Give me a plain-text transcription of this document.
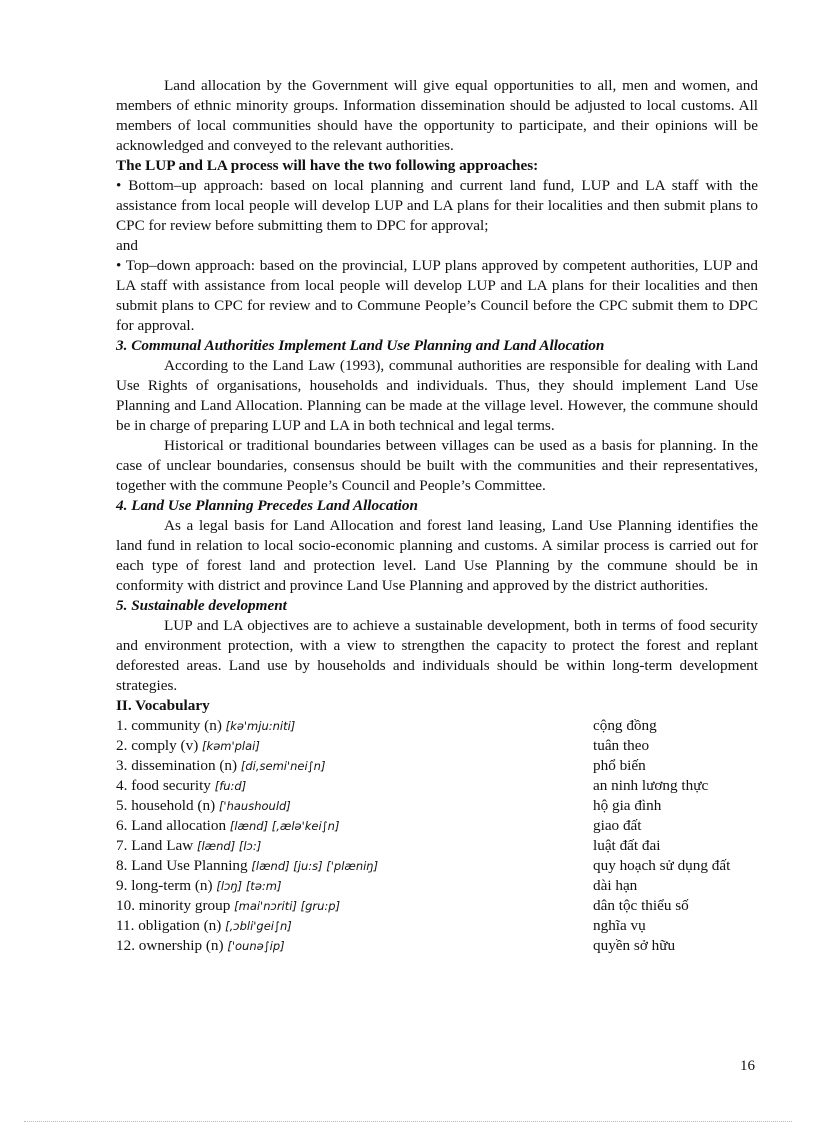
Land allocation by the Government will give equal opportunities to all, men and women, and members of ethnic minority groups. Information dissemination should be adjusted to local customs. All members of local communities should have the opportunity to participate, and their opinions will be acknowledged and conveyed to the relevant authorities.

The LUP and LA process will have the two following approaches:

• Bottom–up approach: based on local planning and current land fund, LUP and LA staff with the assistance from local people will develop LUP and LA plans for their localities and then submit plans to CPC for review before submitting them to DPC for approval;

and

• Top–down approach: based on the provincial, LUP plans approved by competent authorities, LUP and LA staff with assistance from local people will develop LUP and LA plans for their localities and then submit plans to CPC for review and to Commune People’s Council before the CPC submit them to DPC for approval.

3. Communal Authorities Implement Land Use Planning and Land Allocation

According to the Land Law (1993), communal authorities are responsible for dealing with Land Use Rights of organisations, households and individuals. Thus, they should implement Land Use Planning and Land Allocation. Planning can be made at the village level. However, the commune should be in charge of preparing LUP and LA in both technical and legal terms.

Historical or traditional boundaries between villages can be used as a basis for planning. In the case of unclear boundaries, consensus should be built with the communities and their representatives, together with the commune People’s Council and People’s Committee.

4. Land Use Planning Precedes Land Allocation

As a legal basis for Land Allocation and forest land leasing, Land Use Planning identifies the land fund in relation to local socio-economic planning and customs. A similar process is carried out for each type of forest land and protection level. Land Use Planning by the commune should be in conformity with district and province Land Use Planning and approved by the district authorities.

5. Sustainable development

LUP and LA objectives are to achieve a sustainable development, both in terms of food security and environment protection, with a view to strengthen the capacity to protect the forest and replant deforested areas. Land use by households and individuals should be within long-term development strategies.

II. Vocabulary

1. community (n) [kə'mju:niti]	cộng đồng
2. comply (v) [kəm'plai]	tuân theo
3. dissemination (n) [di,semi'nei∫n]	phổ biến
4. food security [fu:d]	an ninh lương thực
5. household (n) ['haushould]	hộ gia đình
6. Land allocation [lænd] [,ælə'kei∫n]	giao đất
7. Land Law [lænd] [lɔ:]	luật đất đai
8. Land Use Planning [lænd] [ju:s] ['plæniŋ]	quy hoạch sử dụng đất
9. long-term (n) [lɔŋ] [tə:m]	dài hạn
10. minority group [mai'nɔriti] [gru:p]	dân tộc thiểu số
11. obligation (n) [,ɔbli'gei∫n]	nghĩa vụ
12. ownership (n) ['ounə∫ip]	quyền sở hữu
16
